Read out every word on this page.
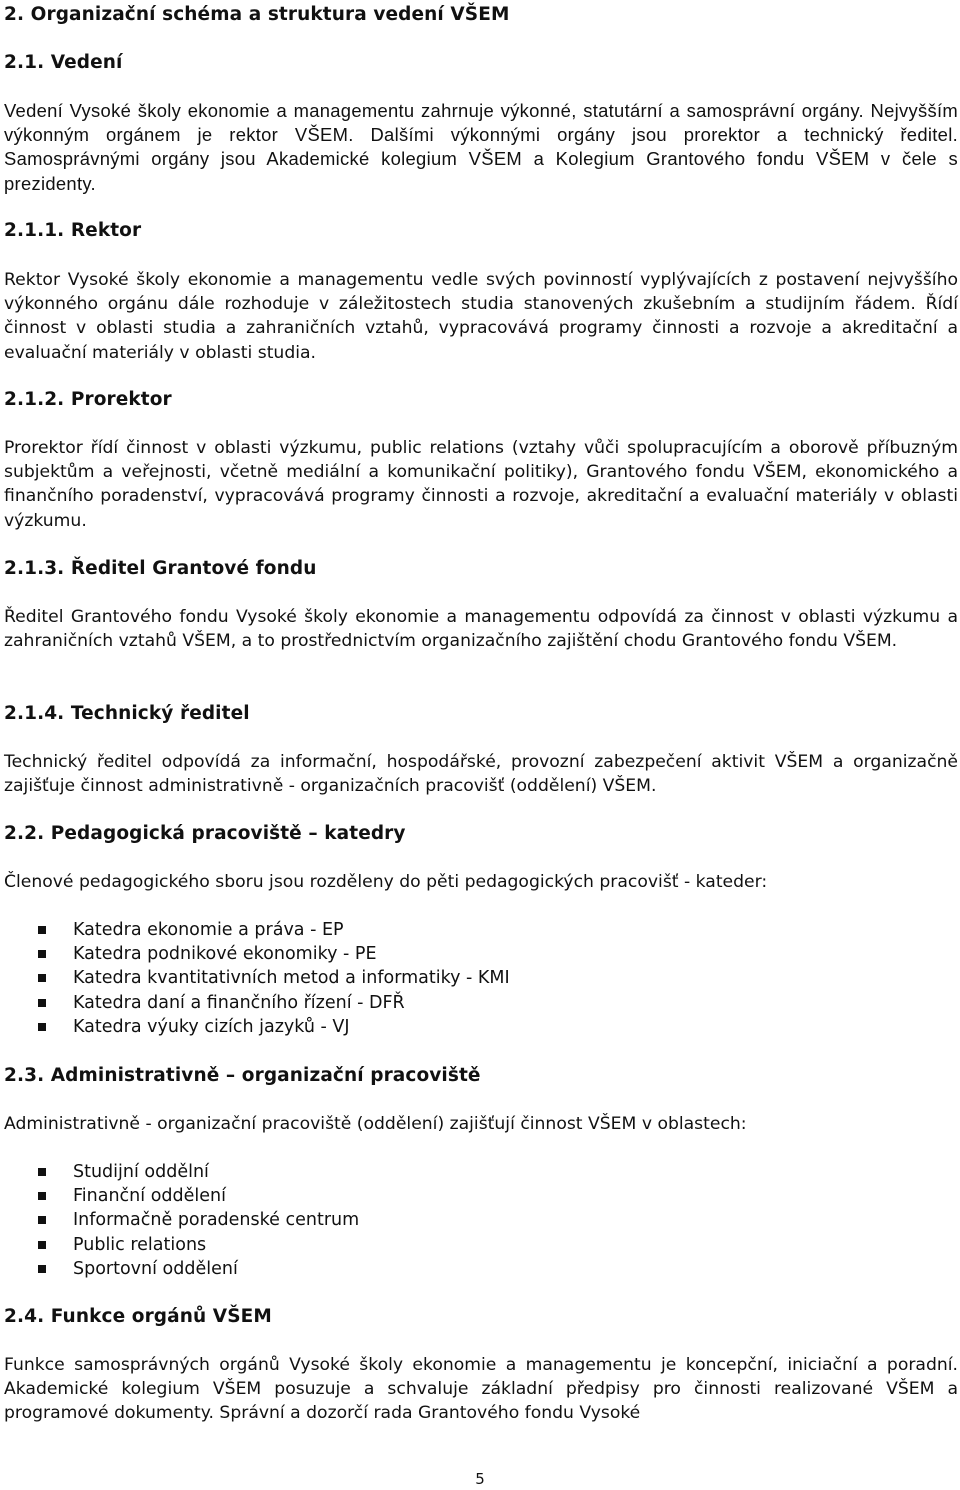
2. Organizační schéma a struktura vedení VŠEM
2.1. Vedení

Vedení Vysoké školy ekonomie a managementu zahrnuje výkonné, statutární a samosprávní orgány. Nejvyšším výkonným orgánem je rektor VŠEM. Dalšími výkonnými orgány jsou prorektor a technický ředitel. Samosprávnými orgány jsou Akademické kolegium VŠEM a Kolegium Grantového fondu VŠEM v čele s prezidenty.

2.1.1. Rektor

Rektor Vysoké školy ekonomie a managementu vedle svých povinností vyplývajících z postavení nejvyššího výkonného orgánu dále rozhoduje v záležitostech studia stanovených zkušebním a studijním řádem. Řídí činnost v oblasti studia a zahraničních vztahů, vypracovává programy činnosti a rozvoje a akreditační a evaluační materiály v oblasti studia.

2.1.2. Prorektor

Prorektor řídí činnost v oblasti výzkumu, public relations (vztahy vůči spolupracujícím a oborově příbuzným subjektům a veřejnosti, včetně mediální a komunikační politiky), Grantového fondu VŠEM, ekonomického a finančního poradenství, vypracovává programy činnosti a rozvoje, akreditační a evaluační materiály v oblasti výzkumu.

2.1.3. Ředitel Grantové fondu

Ředitel Grantového fondu Vysoké školy ekonomie a managementu odpovídá za činnost v oblasti výzkumu a zahraničních vztahů VŠEM, a to prostřednictvím organizačního zajištění chodu Grantového fondu VŠEM.

2.1.4. Technický ředitel

Technický ředitel odpovídá za informační, hospodářské, provozní zabezpečení aktivit VŠEM a organizačně zajišťuje činnost administrativně - organizačních pracovišť (oddělení) VŠEM.

2.2. Pedagogická pracoviště – katedry

Členové pedagogického sboru jsou rozděleny do pěti pedagogických pracovišť - kateder:

Katedra ekonomie a práva - EP
Katedra podnikové ekonomiky - PE
Katedra kvantitativních metod a informatiky - KMI
Katedra daní a finančního řízení - DFŘ
Katedra výuky cizích jazyků - VJ
2.3. Administrativně – organizační pracoviště

Administrativně - organizační pracoviště (oddělení) zajišťují činnost VŠEM v oblastech:

Studijní oddělní
Finanční oddělení
Informačně poradenské centrum
Public relations
Sportovní oddělení
2.4. Funkce orgánů VŠEM

Funkce samosprávných orgánů Vysoké školy ekonomie a managementu je koncepční, iniciační a poradní. Akademické kolegium VŠEM posuzuje a schvaluje základní předpisy pro činnosti realizované VŠEM a programové dokumenty. Správní a dozorčí rada Grantového fondu Vysoké

5
